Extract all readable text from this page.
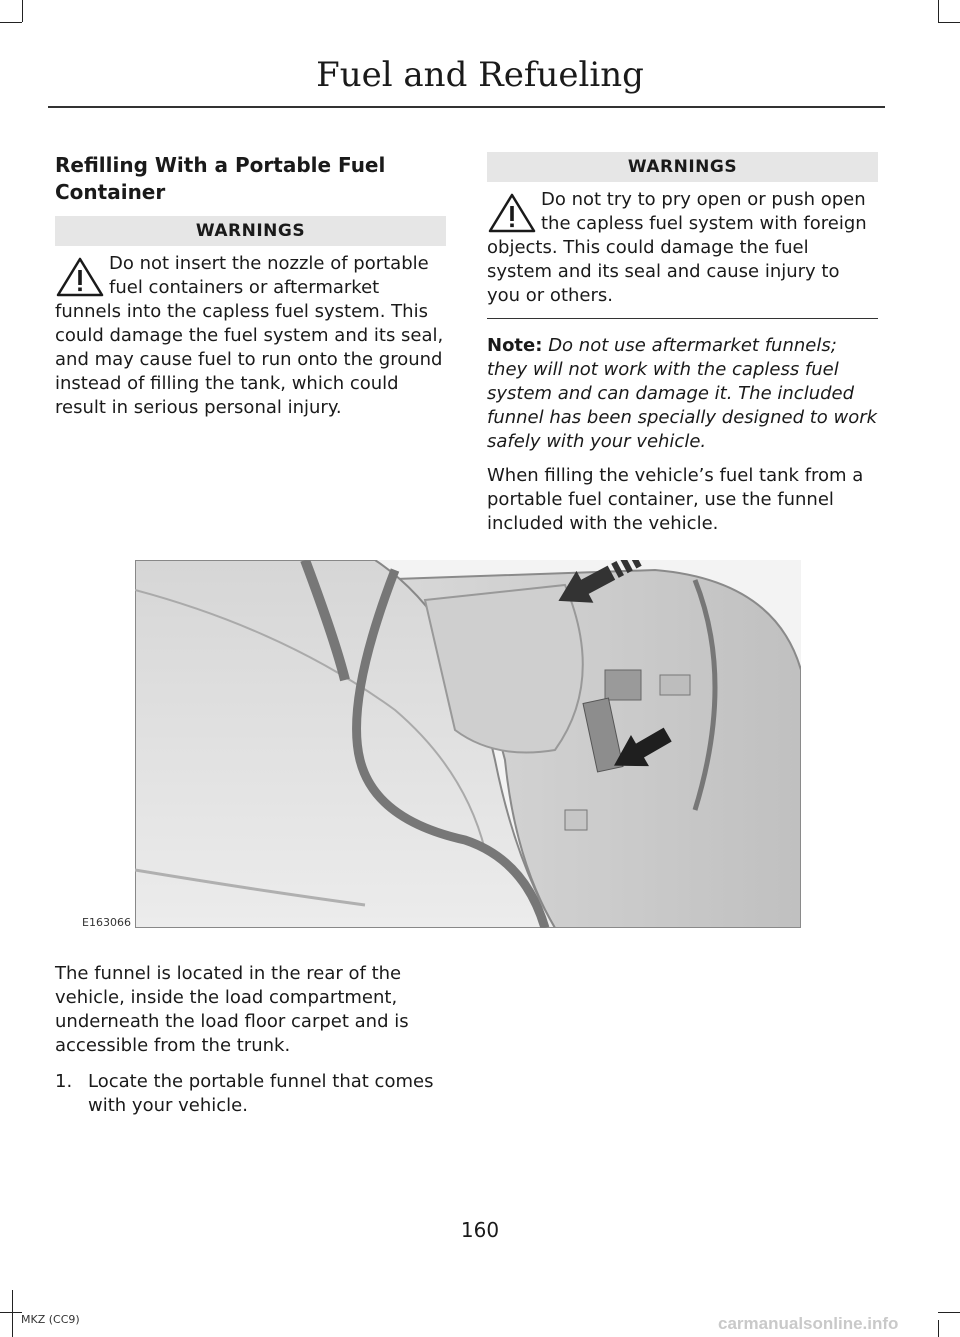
Fuel and Refueling
Refilling With a Portable Fuel Container
WARNINGS
Do not insert the nozzle of portable fuel containers or aftermarket funnels into the capless fuel system. This could damage the fuel system and its seal, and may cause fuel to run onto the ground instead of filling the tank, which could result in serious personal injury.
WARNINGS
Do not try to pry open or push open the capless fuel system with foreign objects. This could damage the fuel system and its seal and cause injury to you or others.

Note: Do not use aftermarket funnels; they will not work with the capless fuel system and can damage it. The included funnel has been specially designed to work safely with your vehicle.

When filling the vehicle’s fuel tank from a portable fuel container, use the funnel included with the vehicle.

E163066

The funnel is located in the rear of the vehicle, inside the load compartment, underneath the load floor carpet and is accessible from the trunk.

1. Locate the portable funnel that comes with your vehicle.
160
MKZ (CC9)	carmanualsonline.info
